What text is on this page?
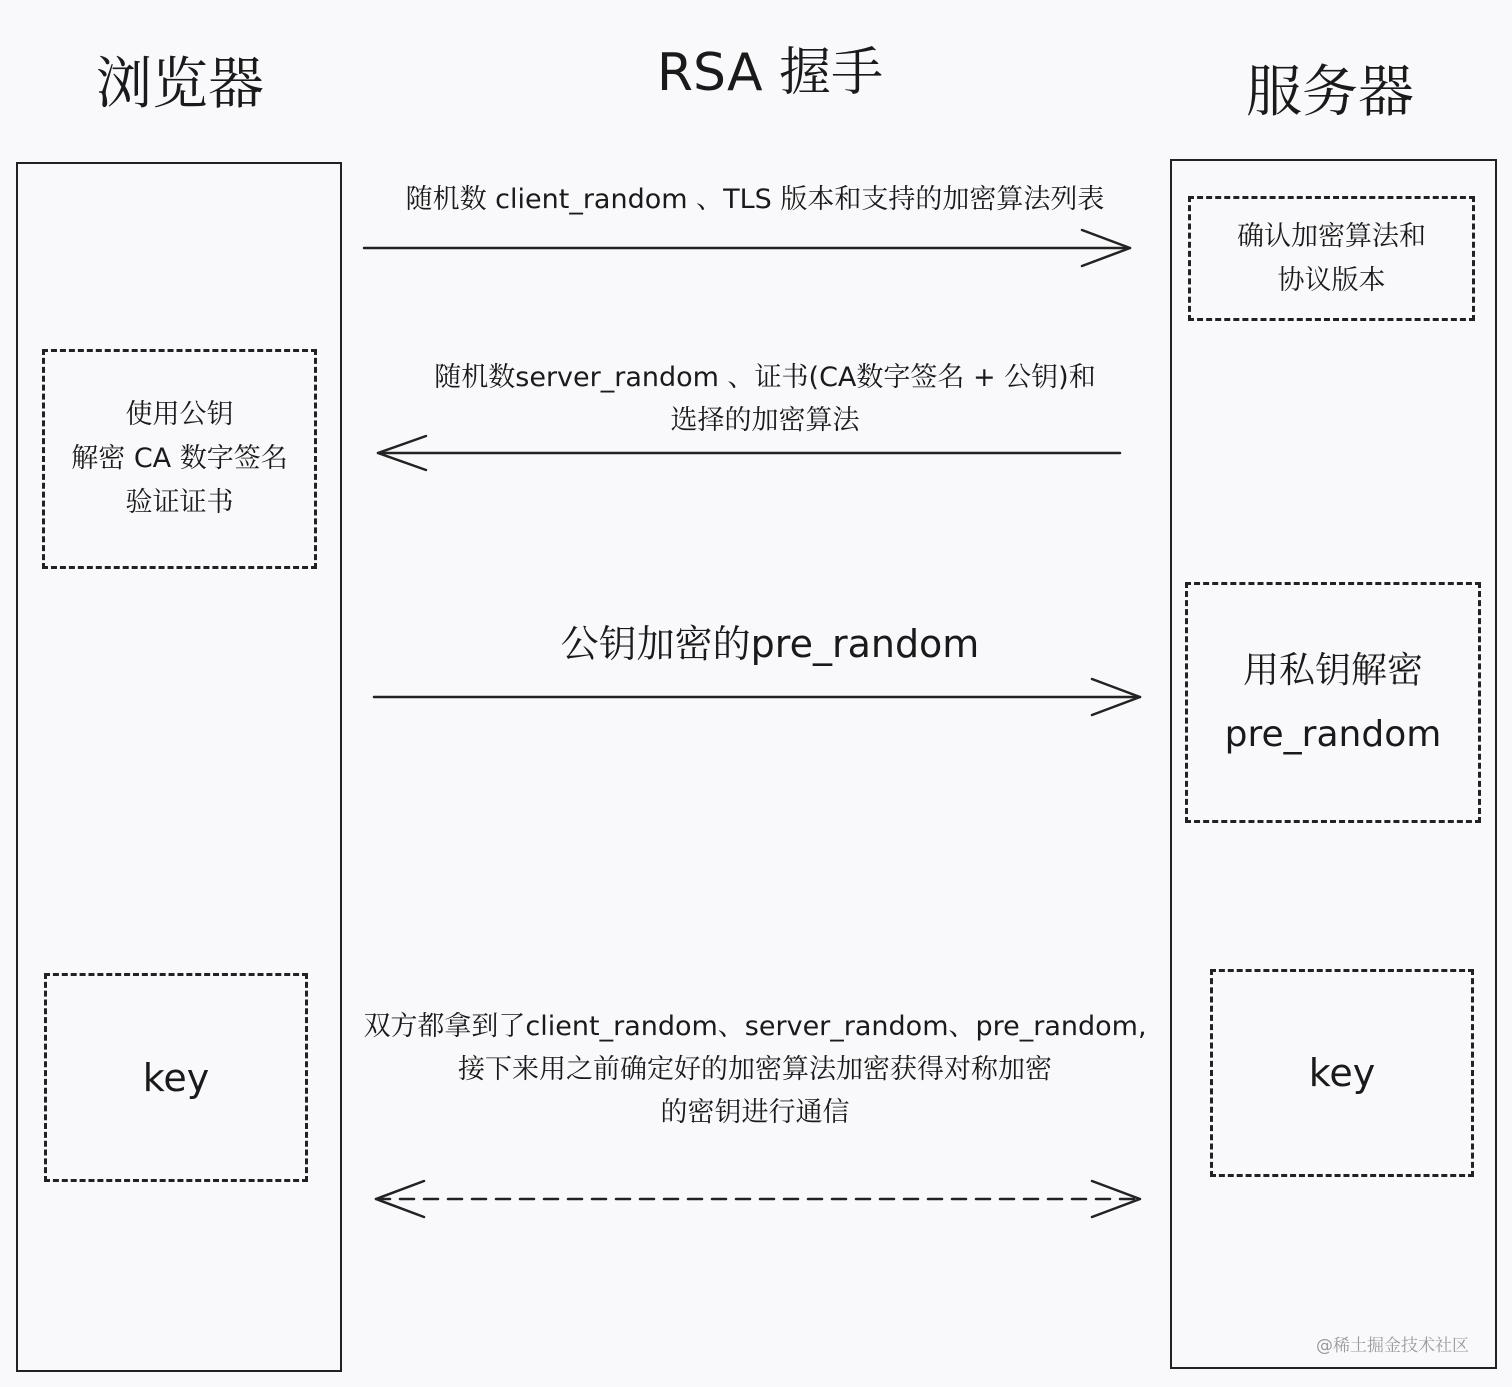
浏览器	RSA 握手	服务器
确认加密算法和
协议版本
用私钥解密
pre_random
key
使用公钥
解密 CA 数字签名
验证证书
key
随机数 client_random 、TLS 版本和支持的加密算法列表
随机数server_random 、证书(CA数字签名 + 公钥)和
选择的加密算法
公钥加密的pre_random
双方都拿到了client_random、server_random、pre_random,
接下来用之前确定好的加密算法加密获得对称加密
的密钥进行通信
@稀土掘金技术社区
